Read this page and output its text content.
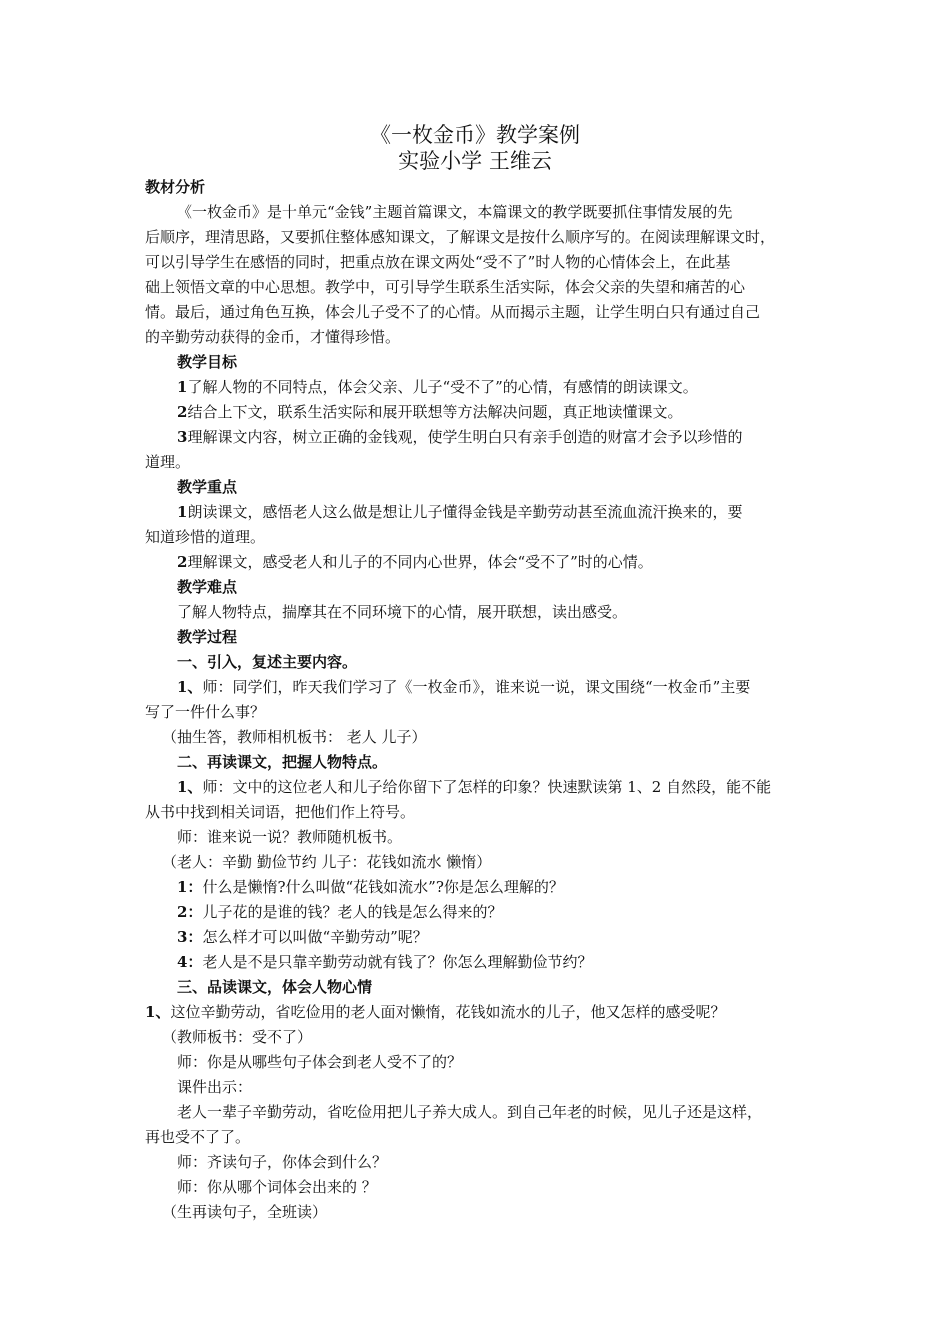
《一枚金币》教学案例
实验小学 王维云
教材分析
《一枚金币》是十单元“金钱”主题首篇课文，本篇课文的教学既要抓住事情发展的先
后顺序，理清思路，又要抓住整体感知课文，了解课文是按什么顺序写的。在阅读理解课文时，
可以引导学生在感悟的同时，把重点放在课文两处“受不了”时人物的心情体会上，在此基
础上领悟文章的中心思想。教学中，可引导学生联系生活实际，体会父亲的失望和痛苦的心
情。最后，通过角色互换，体会儿子受不了的心情。从而揭示主题，让学生明白只有通过自己
的辛勤劳动获得的金币，才懂得珍惜。
教学目标
1了解人物的不同特点，体会父亲、儿子“受不了”的心情，有感情的朗读课文。
2结合上下文，联系生活实际和展开联想等方法解决问题，真正地读懂课文。
3理解课文内容，树立正确的金钱观，使学生明白只有亲手创造的财富才会予以珍惜的
道理。
教学重点
1朗读课文，感悟老人这么做是想让儿子懂得金钱是辛勤劳动甚至流血流汗换来的，要
知道珍惜的道理。
2理解课文，感受老人和儿子的不同内心世界，体会“受不了”时的心情。
教学难点
了解人物特点，揣摩其在不同环境下的心情，展开联想，读出感受。
教学过程
一、引入，复述主要内容。
1、师：同学们，昨天我们学习了《一枚金币》，谁来说一说，课文围绕“一枚金币”主要
写了一件什么事？
（抽生答，教师相机板书： 老人 儿子）
二、再读课文，把握人物特点。
1、师：文中的这位老人和儿子给你留下了怎样的印象？快速默读第 1、2 自然段，能不能
从书中找到相关词语，把他们作上符号。
师：谁来说一说？教师随机板书。
（老人：辛勤 勤俭节约 儿子：花钱如流水 懒惰）
1：什么是懒惰?什么叫做“花钱如流水”?你是怎么理解的？
2：儿子花的是谁的钱？老人的钱是怎么得来的？
3：怎么样才可以叫做“辛勤劳动”呢？
4：老人是不是只靠辛勤劳动就有钱了？你怎么理解勤俭节约？
三、品读课文，体会人物心情
1、这位辛勤劳动，省吃俭用的老人面对懒惰，花钱如流水的儿子，他又怎样的感受呢？
（教师板书：受不了）
师：你是从哪些句子体会到老人受不了的？
课件出示：
老人一辈子辛勤劳动，省吃俭用把儿子养大成人。到自己年老的时候，见儿子还是这样，
再也受不了了。
师：齐读句子，你体会到什么？
师：你从哪个词体会出来的 ？
（生再读句子，全班读）
